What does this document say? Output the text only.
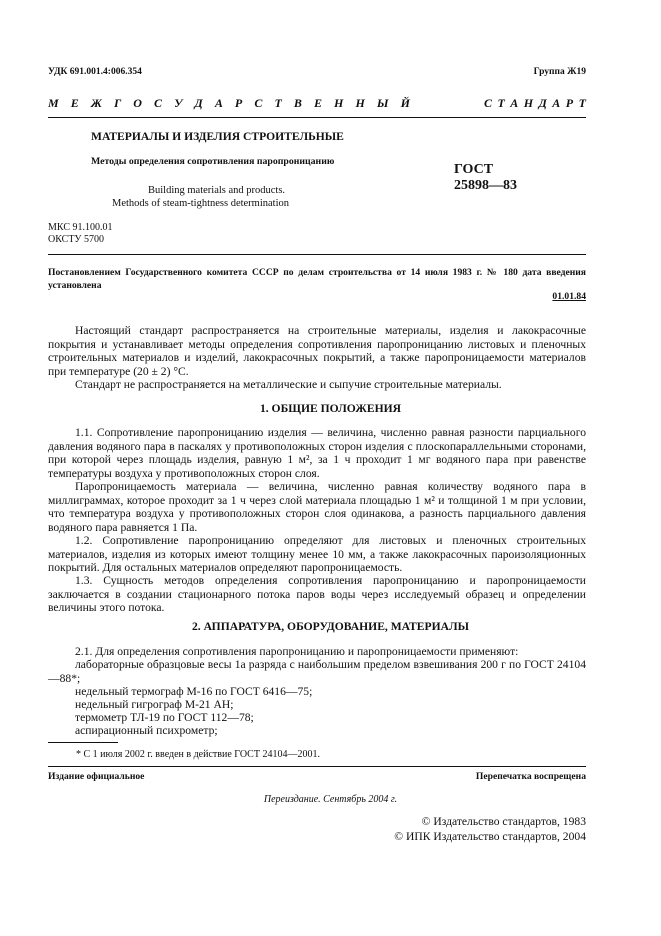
УДК 691.001.4:006.354	Группа Ж19
М Е Ж Г О С У Д А Р С Т В Е Н Н Ы Й	С Т А Н Д А Р Т
МАТЕРИАЛЫ И ИЗДЕЛИЯ СТРОИТЕЛЬНЫЕ
Методы определения сопротивления паропроницанию
Building materials and products.
Methods of steam-tightness determination
ГОСТ
25898—83
МКС 91.100.01
ОКСТУ 5700
Постановлением Государственного комитета СССР по делам строительства от 14 июля 1983 г. № 180 дата введения установлена
01.01.84
Настоящий стандарт распространяется на строительные материалы, изделия и лакокрасочные покрытия и устанавливает методы определения сопротивления паропроницанию листовых и пленочных строительных материалов и изделий, лакокрасочных покрытий, а также паропроницаемости материалов при температуре (20 ± 2) °С.
Стандарт не распространяется на металлические и сыпучие строительные материалы.
1. ОБЩИЕ ПОЛОЖЕНИЯ
1.1. Сопротивление паропроницанию изделия — величина, численно равная разности парциального давления водяного пара в паскалях у противоположных сторон изделия с плоскопараллельными сторонами, при которой через площадь изделия, равную 1 м², за 1 ч проходит 1 мг водяного пара при равенстве температуры воздуха у противоположных сторон слоя.
Паропроницаемость материала — величина, численно равная количеству водяного пара в миллиграммах, которое проходит за 1 ч через слой материала площадью 1 м² и толщиной 1 м при условии, что температура воздуха у противоположных сторон слоя одинакова, а разность парциального давления водяного пара равняется 1 Па.
1.2. Сопротивление паропроницанию определяют для листовых и пленочных строительных материалов, изделия из которых имеют толщину менее 10 мм, а также лакокрасочных пароизоляционных покрытий. Для остальных материалов определяют паропроницаемость.
1.3. Сущность методов определения сопротивления паропроницанию и паропроницаемости заключается в создании стационарного потока паров воды через исследуемый образец и определении величины этого потока.
2. АППАРАТУРА, ОБОРУДОВАНИЕ, МАТЕРИАЛЫ
2.1. Для определения сопротивления паропроницанию и паропроницаемости применяют:
лабораторные образцовые весы 1а разряда с наибольшим пределом взвешивания 200 г по ГОСТ 24104—88*;
недельный термограф М-16 по ГОСТ 6416—75;
недельный гигрограф М-21 АН;
термометр ТЛ-19 по ГОСТ 112—78;
аспирационный психрометр;
* С 1 июля 2002 г. введен в действие ГОСТ 24104—2001.
Издание официальное	Перепечатка воспрещена
Переиздание. Сентябрь 2004 г.
© Издательство стандартов, 1983
© ИПК Издательство стандартов, 2004
